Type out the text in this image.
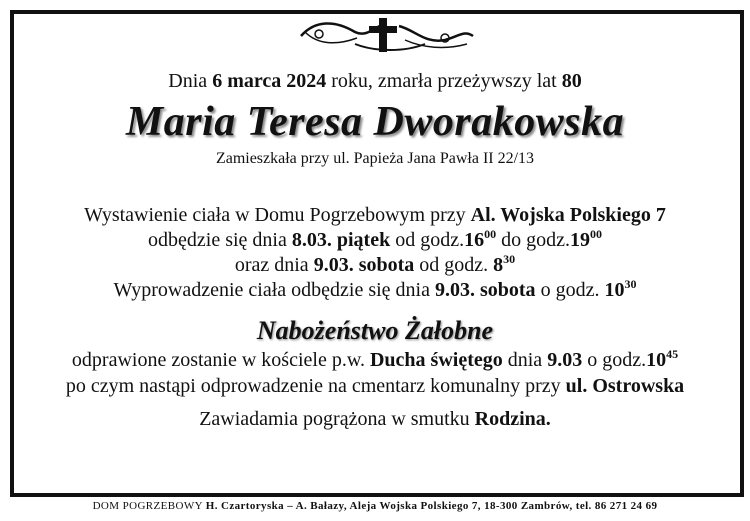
Dnia 6 marca 2024 roku, zmarła przeżywszy lat 80
Maria Teresa Dworakowska
Zamieszkała przy ul. Papieża Jana Pawła II 22/13
Wystawienie ciała w Domu Pogrzebowym przy Al. Wojska Polskiego 7
odbędzie się dnia 8.03. piątek od $godz.16^{00}$ do $godz.19^{00}$
oraz dnia 9.03. sobota od godz. $8^{30}$
Wyprowadzenie ciała odbędzie się dnia 9.03. sobota o godz. $10^{30}$
Nabożeństwo Żałobne
odprawione zostanie w kościele p.w. Ducha świętego dnia 9.03 o $godz.10^{45}$
po czym nastąpi odprowadzenie na cmentarz komunalny przy ul. Ostrowska
Zawiadamia pogrążona w smutku Rodzina.
DOM POGRZEBOWY H. Czartoryska – A. Bałazy, Aleja Wojska Polskiego 7, 18-300 Zambrów, tel. 86 271 24 69
